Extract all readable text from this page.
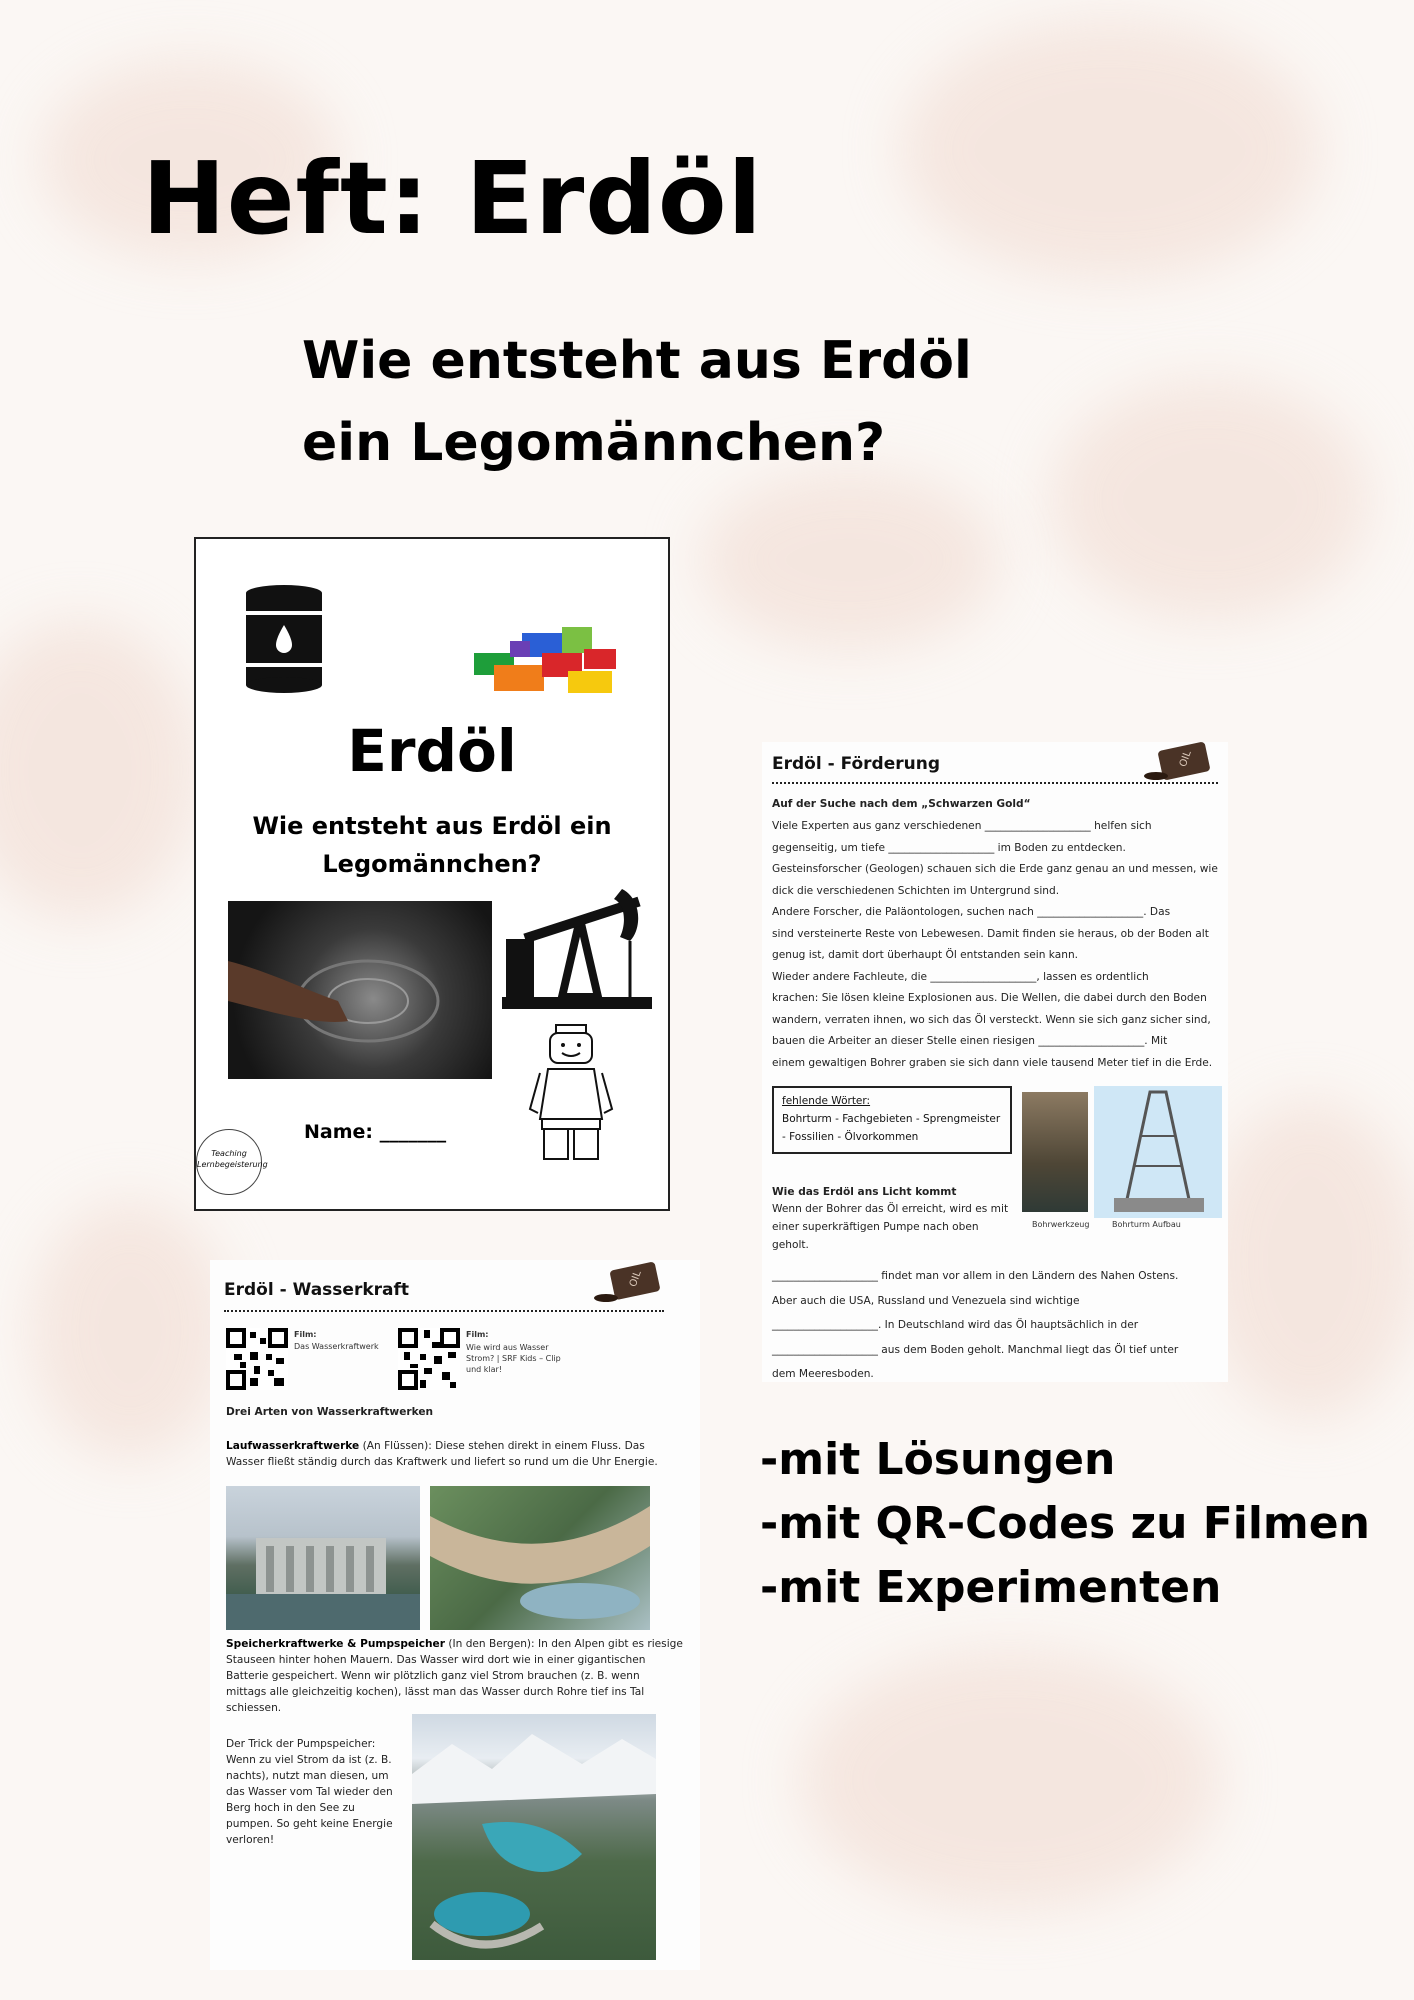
Heft: Erdöl

Wie entsteht aus Erdöl ein Legomännchen?

Erdöl
Wie entsteht aus Erdöl ein Legomännchen?
Name: _______
Teaching Lernbegeisterung
Erdöl - Förderung	OIL
Auf der Suche nach dem „Schwarzen Gold“
Viele Experten aus ganz verschiedenen ____________________ helfen sich
gegenseitig, um tiefe ____________________ im Boden zu entdecken.
Gesteinsforscher (Geologen) schauen sich die Erde ganz genau an und messen, wie
dick die verschiedenen Schichten im Untergrund sind.
Andere Forscher, die Paläontologen, suchen nach ____________________. Das
sind versteinerte Reste von Lebewesen. Damit finden sie heraus, ob der Boden alt
genug ist, damit dort überhaupt Öl entstanden sein kann.
Wieder andere Fachleute, die ____________________, lassen es ordentlich
krachen: Sie lösen kleine Explosionen aus. Die Wellen, die dabei durch den Boden
wandern, verraten ihnen, wo sich das Öl versteckt. Wenn sie sich ganz sicher sind,
bauen die Arbeiter an dieser Stelle einen riesigen ____________________. Mit
einem gewaltigen Bohrer graben sie sich dann viele tausend Meter tief in die Erde.
fehlende Wörter:
Bohrturm - Fachgebieten - Sprengmeister - Fossilien - Ölvorkommen
Bohrwerkzeug	Bohrturm Aufbau
Wie das Erdöl ans Licht kommt
Wenn der Bohrer das Öl erreicht, wird es mit
einer superkräftigen Pumpe nach oben
geholt.
____________________ findet man vor allem in den Ländern des Nahen Ostens.
Aber auch die USA, Russland und Venezuela sind wichtige
____________________. In Deutschland wird das Öl hauptsächlich in der
____________________ aus dem Boden geholt. Manchmal liegt das Öl tief unter
dem Meeresboden.
Erdöl - Wasserkraft
OIL
Film:
Das Wasserkraftwerk
Film:
Wie wird aus Wasser
Strom? | SRF Kids – Clip
und klar!
Drei Arten von Wasserkraftwerken
Laufwasserkraftwerke (An Flüssen): Diese stehen direkt in einem Fluss. Das
Wasser fließt ständig durch das Kraftwerk und liefert so rund um die Uhr Energie.
Speicherkraftwerke & Pumpspeicher (In den Bergen): In den Alpen gibt es riesige
Stauseen hinter hohen Mauern. Das Wasser wird dort wie in einer gigantischen
Batterie gespeichert. Wenn wir plötzlich ganz viel Strom brauchen (z. B. wenn
mittags alle gleichzeitig kochen), lässt man das Wasser durch Rohre tief ins Tal
schiessen.
Der Trick der Pumpspeicher:
Wenn zu viel Strom da ist (z. B.
nachts), nutzt man diesen, um
das Wasser vom Tal wieder den
Berg hoch in den See zu
pumpen. So geht keine Energie
verloren!
-mit Lösungen
-mit QR-Codes zu Filmen
-mit Experimenten
